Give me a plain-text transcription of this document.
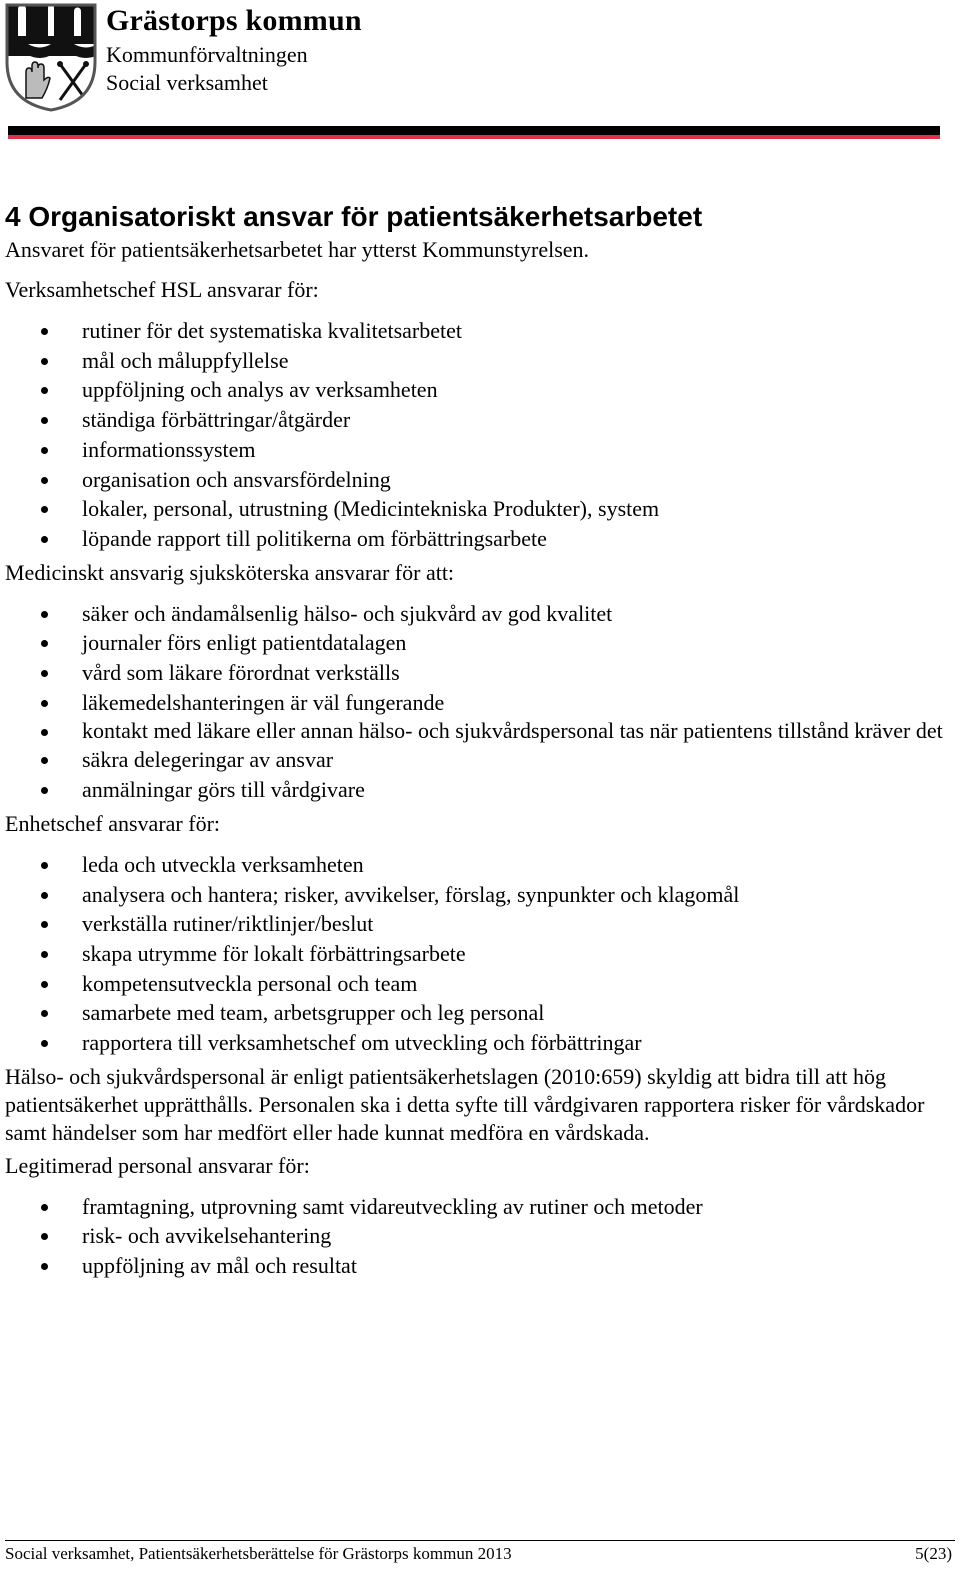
Grästorps kommun
Kommunförvaltningen
Social verksamhet
4 Organisatoriskt ansvar för patientsäkerhetsarbetet

Ansvaret för patientsäkerhetsarbetet har ytterst Kommunstyrelsen.

Verksamhetschef HSL ansvarar för:

rutiner för det systematiska kvalitetsarbetet
mål och måluppfyllelse
uppföljning och analys av verksamheten
ständiga förbättringar/åtgärder
informationssystem
organisation och ansvarsfördelning
lokaler, personal, utrustning (Medicintekniska Produkter), system
löpande rapport till politikerna om förbättringsarbete

Medicinskt ansvarig sjuksköterska ansvarar för att:

säker och ändamålsenlig hälso- och sjukvård av god kvalitet
journaler förs enligt patientdatalagen
vård som läkare förordnat verkställs
läkemedelshanteringen är väl fungerande
kontakt med läkare eller annan hälso- och sjukvårdspersonal tas när patientens tillstånd kräver det
säkra delegeringar av ansvar
anmälningar görs till vårdgivare

Enhetschef ansvarar för:

leda och utveckla verksamheten
analysera och hantera; risker, avvikelser, förslag, synpunkter och klagomål
verkställa rutiner/riktlinjer/beslut
skapa utrymme för lokalt förbättringsarbete
kompetensutveckla personal och team
samarbete med team, arbetsgrupper och leg personal
rapportera till verksamhetschef om utveckling och förbättringar

Hälso- och sjukvårdspersonal är enligt patientsäkerhetslagen (2010:659) skyldig att bidra till att hög patientsäkerhet upprätthålls. Personalen ska i detta syfte till vårdgivaren rapportera risker för vårdskador samt händelser som har medfört eller hade kunnat medföra en vårdskada.

Legitimerad personal ansvarar för:

framtagning, utprovning samt vidareutveckling av rutiner och metoder
risk- och avvikelsehantering
uppföljning av mål och resultat
Social verksamhet, Patientsäkerhetsberättelse för Grästorps kommun 2013	5(23)
